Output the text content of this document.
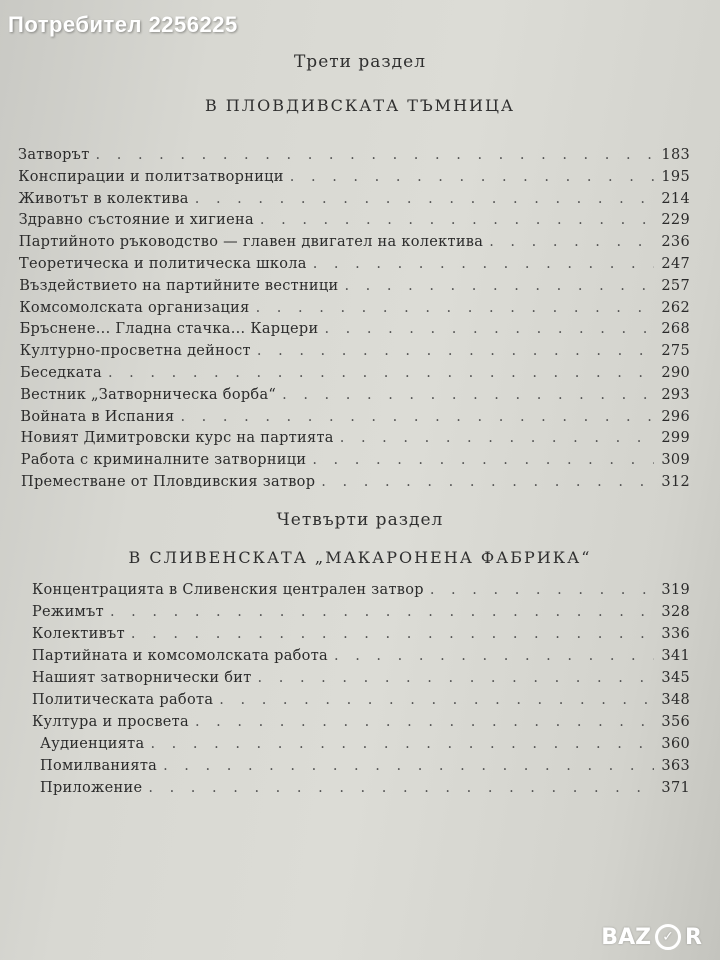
Потребител 2256225
Трети раздел
В ПЛОВДИВСКАТА ТЪМНИЦА
Затворът . . .	183
Конспирации и политзатворници . . .	195
Животът в колектива . . .	214
Здравно състояние и хигиена . . .	229
Партийното ръководство — главен двигател на колектива . . .	236
Теоретическа и политическа школа . . .	247
Въздействието на партийните вестници . . .	257
Комсомолската организация . . .	262
Бръснене... Гладна стачка... Карцери . . .	268
Културно-просветна дейност . . .	275
Беседката . . .	290
Вестник „Затворническа борба“ . . .	293
Войната в Испания . . .	296
Новият Димитровски курс на партията . . .	299
Работа с криминалните затворници . . .	309
Преместване от Пловдивския затвор . . .	312
Четвърти раздел
В СЛИВЕНСКАТА „МАКАРОНЕНА ФАБРИКА“
Концентрацията в Сливенския централен затвор . . .	319
Режимът . . .	328
Колективът . . .	336
Партийната и комсомолската работа . . .	341
Нашият затворнически бит . . .	345
Политическата работа . . .	348
Култура и просвета . . .	356
Аудиенцията . . .	360
Помилванията . . .	363
Приложение . . .	371
BAZ ✓ R
